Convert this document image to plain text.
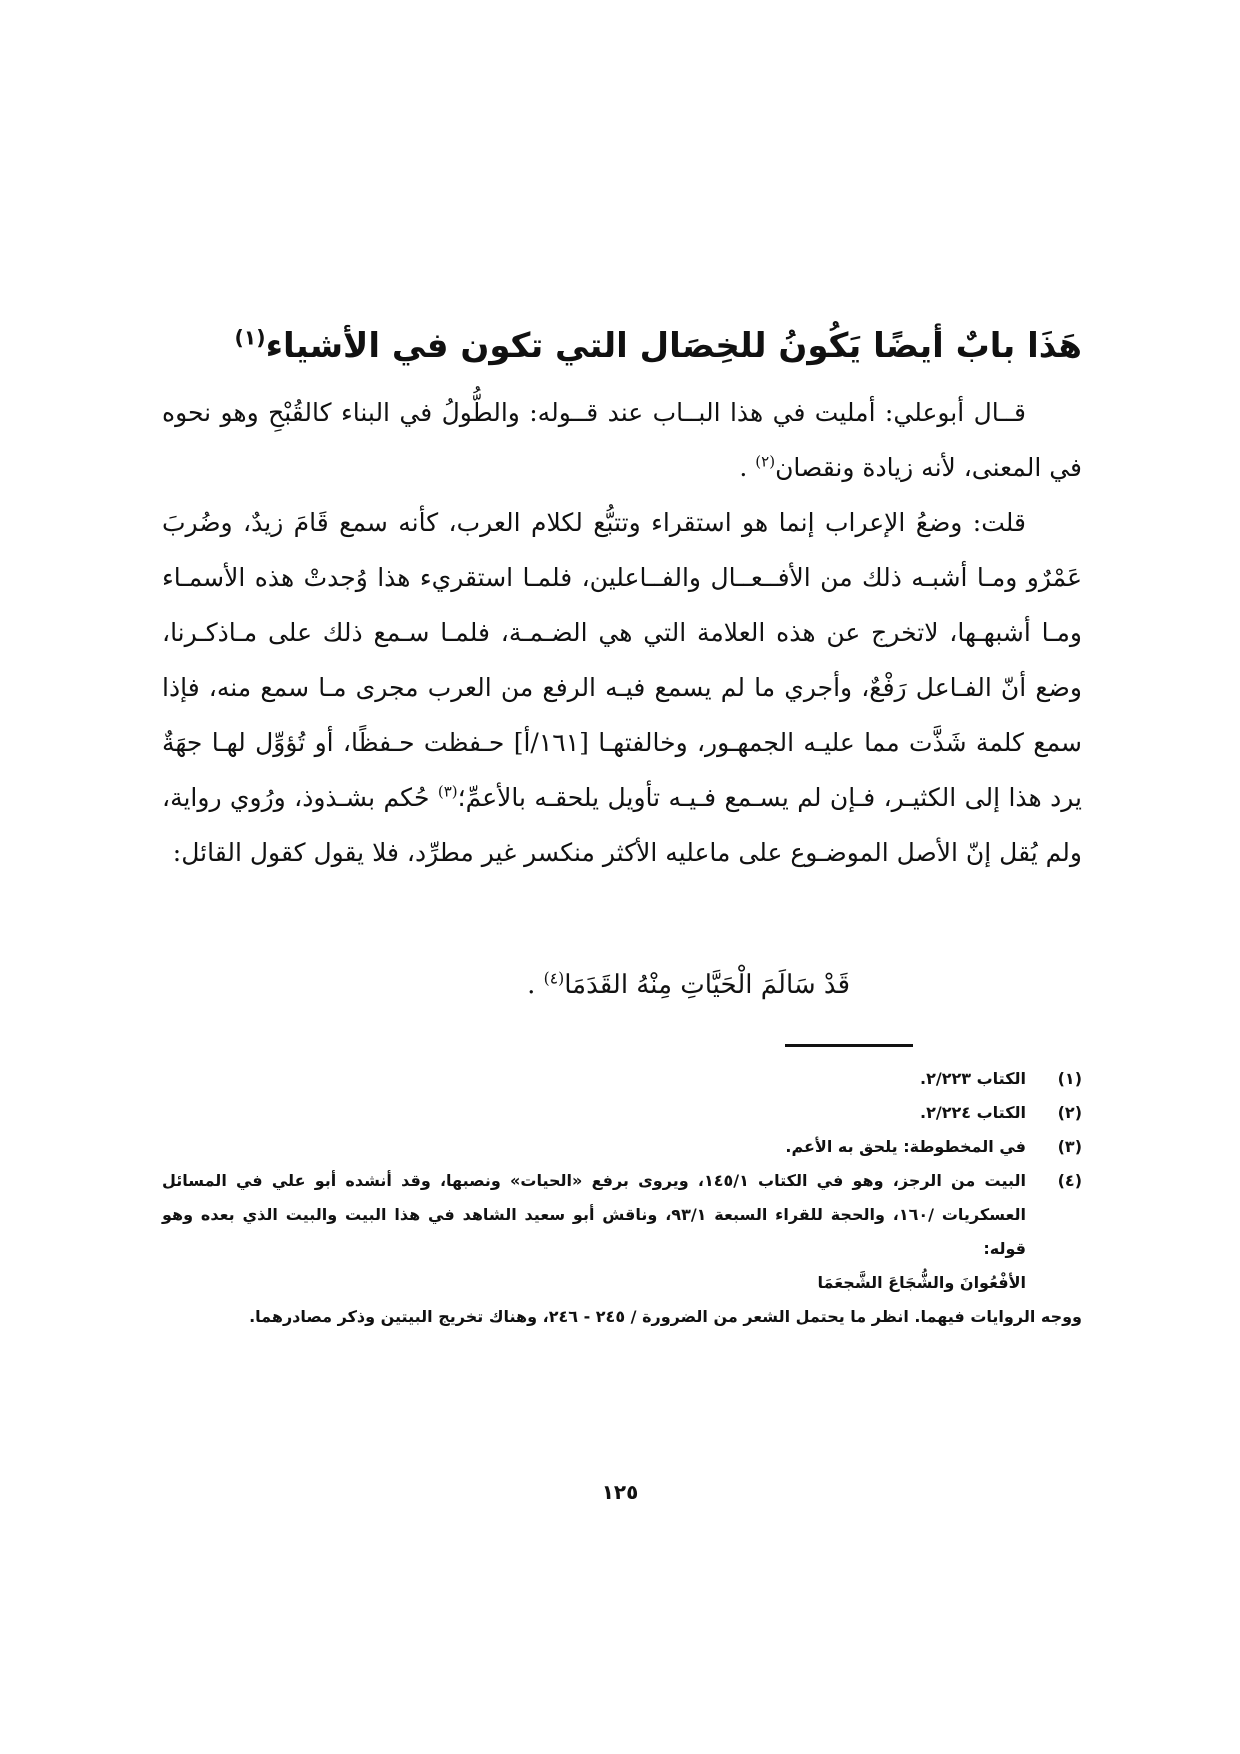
هَذَا بابٌ أيضًا يَكُونُ للخِصَال التي تكون في الأشياء$^{(١)}$

قــال أبوعلي: أمليت في هذا البــاب عند قــوله: والطُّولُ في البناء كالقُبْحِ وهو نحوه في المعنى، لأنه زيادة ونقصان$^{(٢)}$ .

قلت: وضعُ الإعراب إنما هو استقراء وتتبُّع لكلام العرب، كأنه سمع قَامَ زيدٌ، وضُربَ عَمْرٌو ومـا أشبـه ذلك من الأفــعــال والفــاعلين، فلمـا استقريء هذا وُجدتْ هذه الأسمـاء ومـا أشبهـها، لاتخرج عن هذه العلامة التي هي الضـمـة، فلمـا سـمع ذلك على مـاذكـرنا، وضع أنّ الفـاعل رَفْعٌ، وأجري ما لم يسمع فيـه الرفع من العرب مجرى مـا سمع منه، فإذا سمع كلمة شَذَّت مما عليـه الجمهـور، وخالفتهـا [١٦١/أ] حـفظت حـفظًا، أو تُؤوِّل لهـا جهَةٌ يرد هذا إلى الكثيـر، فـإن لم يسـمع فـيـه تأويل يلحقـه بالأعمِّ؛$^{(٣)}$ حُكم بشـذوذ، ورُوي رواية، ولم يُقل إنّ الأصل الموضـوع على ماعليه الأكثر منكسر غير مطرِّد، فلا يقول كقول القائل:

قَدْ سَالَمَ الْحَيَّاتِ مِنْهُ القَدَمَا$^{(٤)}$ .
(١)
الكتاب ٢/٢٢٣.
(٢)
الكتاب ٢/٢٢٤.
(٣)
في المخطوطة: يلحق به الأعم.
(٤)
البيت من الرجز، وهو في الكتاب ١٤٥/١، ويروى برفع «الحيات» ونصبها، وقد أنشده أبو علي في المسائل العسكريات /١٦٠، والحجة للقراء السبعة ٩٣/١، وناقش أبو سعيد الشاهد في هذا البيت والبيت الذي بعده وهو قوله:
الأفْعُوانَ والشُّجَاعَ الشَّجعَمَا
ووجه الروايات فيهما. انظر ما يحتمل الشعر من الضرورة / ٢٤٥ - ٢٤٦، وهناك تخريج البيتين وذكر مصادرهما.
١٢٥
